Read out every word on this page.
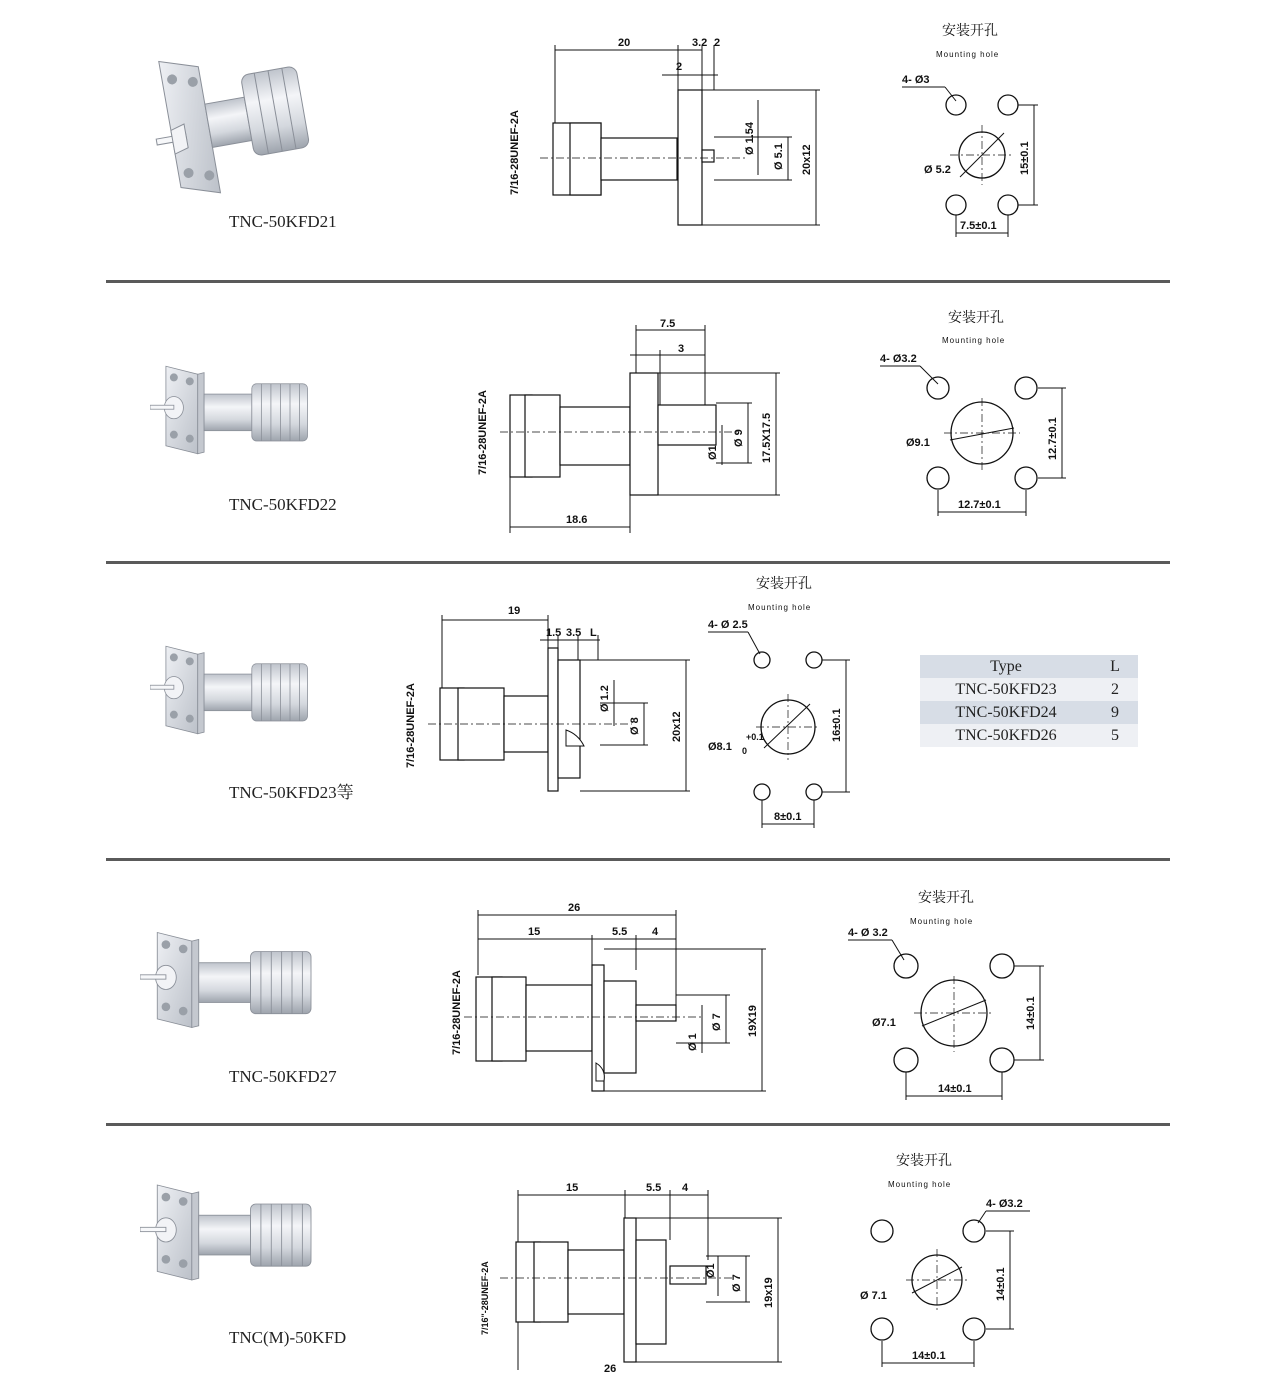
TNC-50KFD21
20	3.2 2
2
7/16-28UNEF-2A	20x12
Ø 5.1
Ø 1.54
安装开孔
Mounting hole
4- Ø3
Ø 5.2	15±0.1
7.5±0.1
TNC-50KFD22
7.5
3
7/16-28UNEF-2A	17.5X17.5
Ø 9
Ø1
18.6
安装开孔
Mounting hole
4- Ø3.2
Ø9.1	12.7±0.1
12.7±0.1
TNC-50KFD23等
19
1.5 3.5 L
7/16-28UNEF-2A	20x12
Ø 8
Ø 1.2
安装开孔
Mounting hole
4- Ø 2.5
Ø8.1
+0.1
0
16±0.1
8±0.1
Type	L
TNC-50KFD23	2
TNC-50KFD24	9
TNC-50KFD26	5
TNC-50KFD27
26
15	5.5 4
7/16-28UNEF-2A	19X19
Ø 7
Ø 1
安装开孔
Mounting hole
4- Ø 3.2
Ø7.1	14±0.1
14±0.1
TNC(M)-50KFD
15	5.5 4
7/16"-28UNEF-2A	19x19
Ø 7
Ø1
26
安装开孔
Mounting hole
4- Ø3.2
Ø 7.1	14±0.1
14±0.1
